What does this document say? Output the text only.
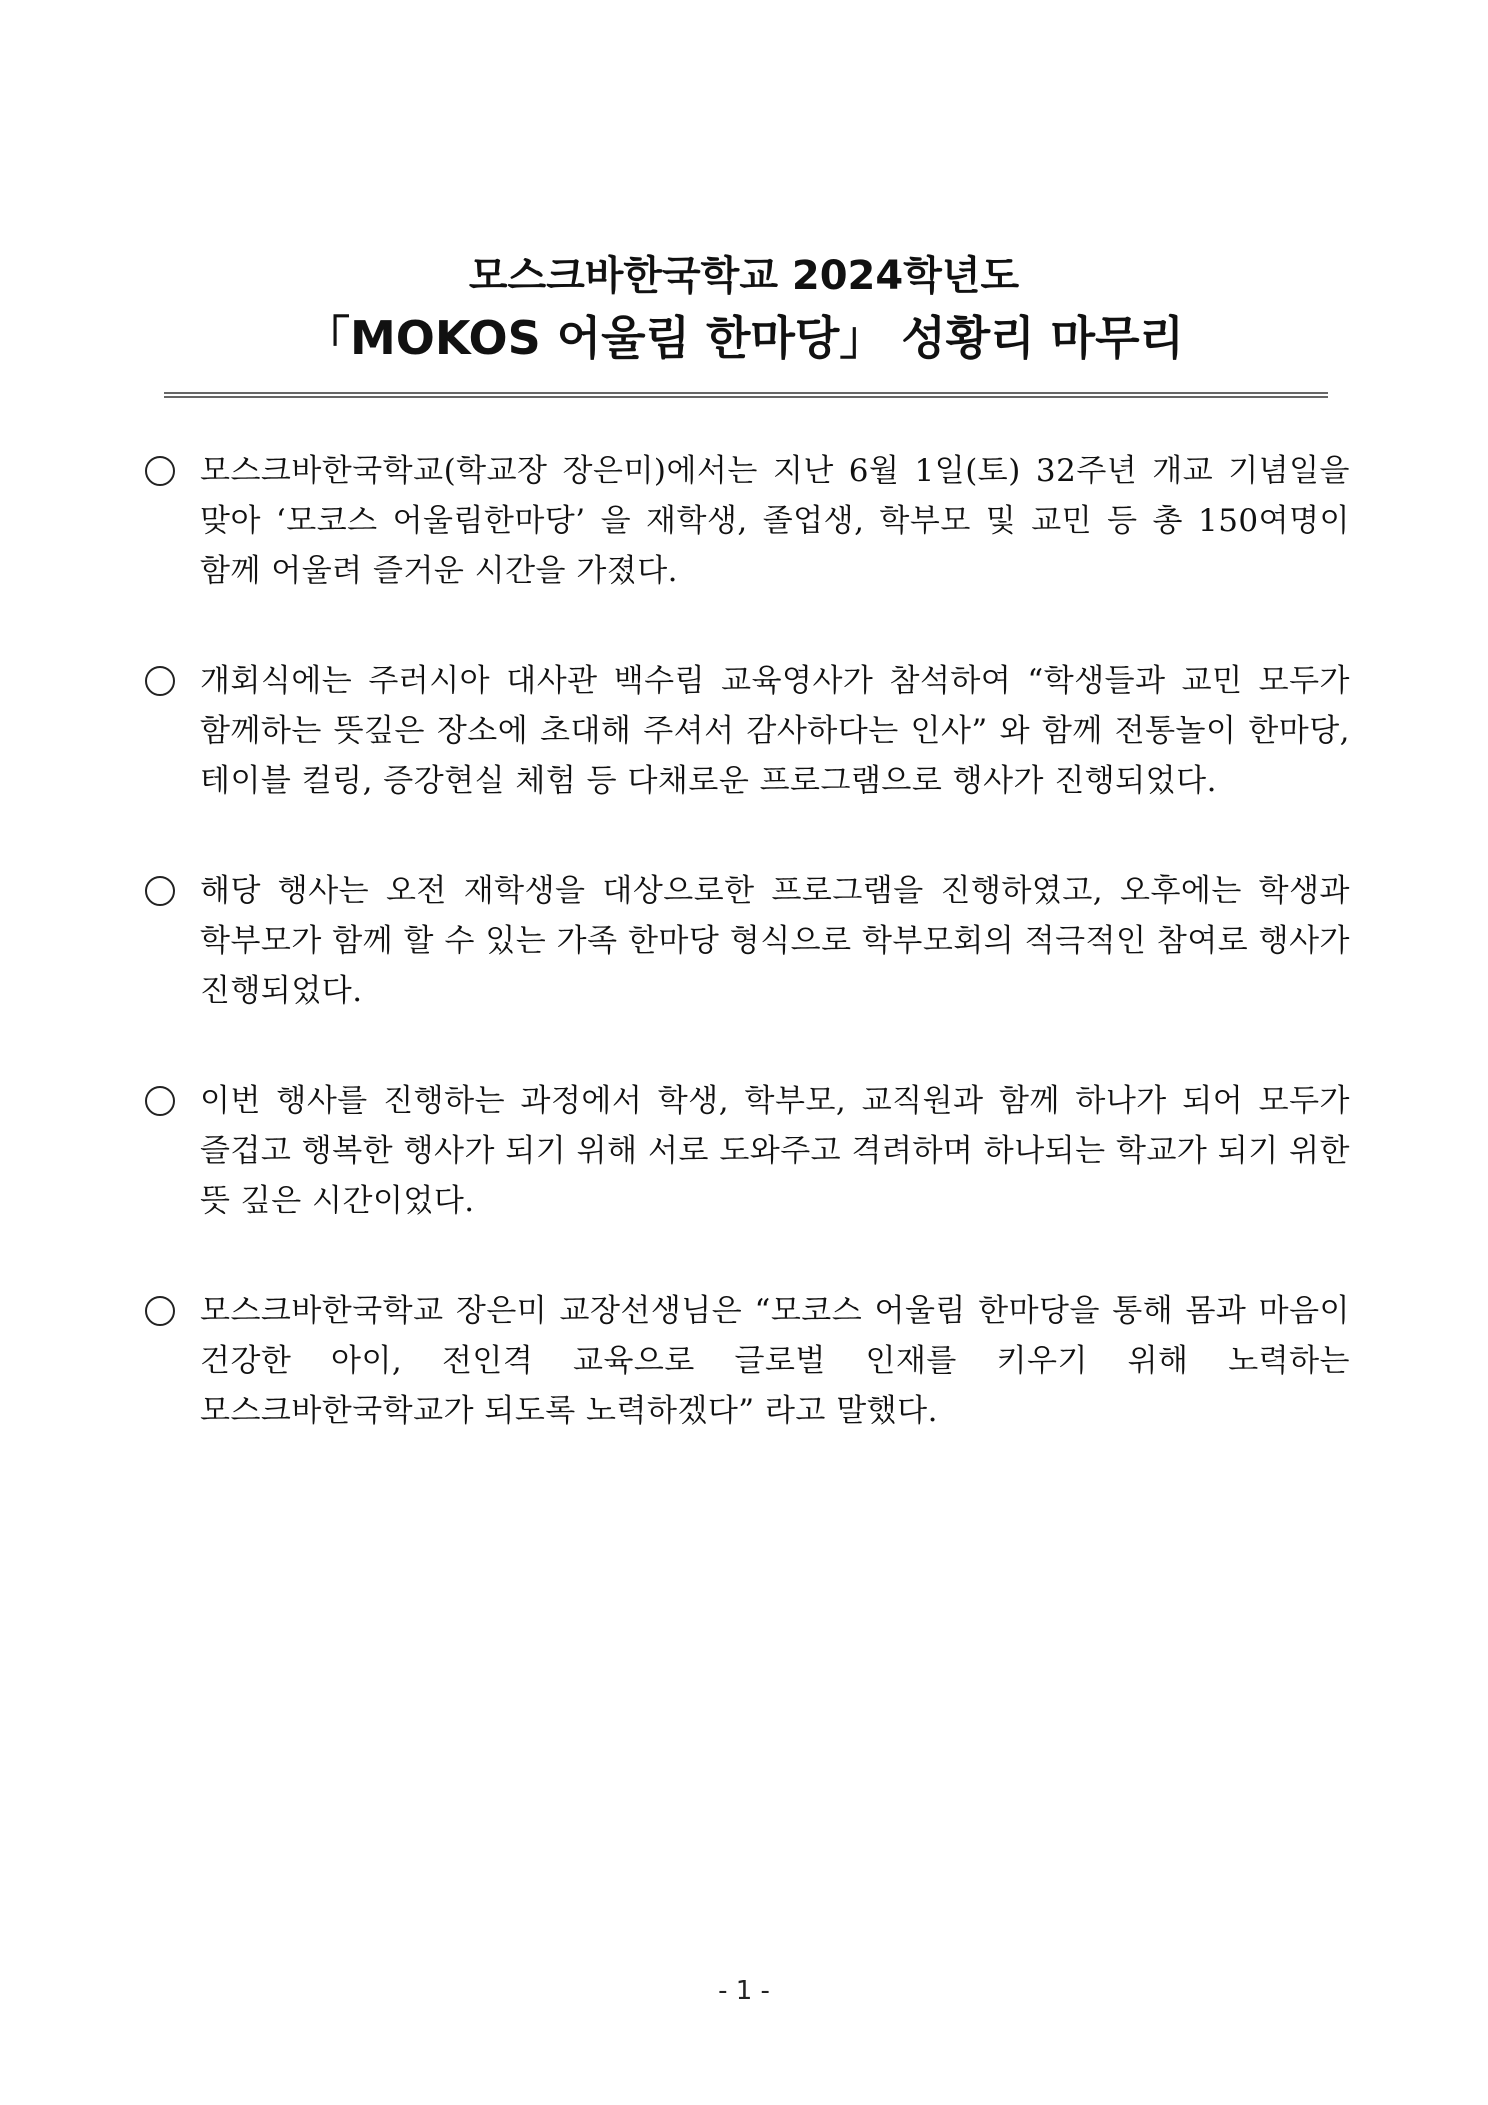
모스크바한국학교 2024학년도
「MOKOS 어울림 한마당」 성황리 마무리
모스크바한국학교(학교장 장은미)에서는 지난 6월 1일(토) 32주년 개교 기념일을 맞아 ‘모코스 어울림한마당’ 을 재학생, 졸업생, 학부모 및 교민 등 총 150여명이 함께 어울려 즐거운 시간을 가졌다.
개회식에는 주러시아 대사관 백수림 교육영사가 참석하여 “학생들과 교민 모두가 함께하는 뜻깊은 장소에 초대해 주셔서 감사하다는 인사” 와 함께 전통놀이 한마당, 테이블 컬링, 증강현실 체험 등 다채로운 프로그램으로 행사가 진행되었다.
해당 행사는 오전 재학생을 대상으로한 프로그램을 진행하였고, 오후에는 학생과 학부모가 함께 할 수 있는 가족 한마당 형식으로 학부모회의 적극적인 참여로 행사가 진행되었다.
이번 행사를 진행하는 과정에서 학생, 학부모, 교직원과 함께 하나가 되어 모두가 즐겁고 행복한 행사가 되기 위해 서로 도와주고 격려하며 하나되는 학교가 되기 위한 뜻 깊은 시간이었다.
모스크바한국학교 장은미 교장선생님은 “모코스 어울림 한마당을 통해 몸과 마음이 건강한 아이, 전인격 교육으로 글로벌 인재를 키우기 위해 노력하는 모스크바한국학교가 되도록 노력하겠다” 라고 말했다.
- 1 -
